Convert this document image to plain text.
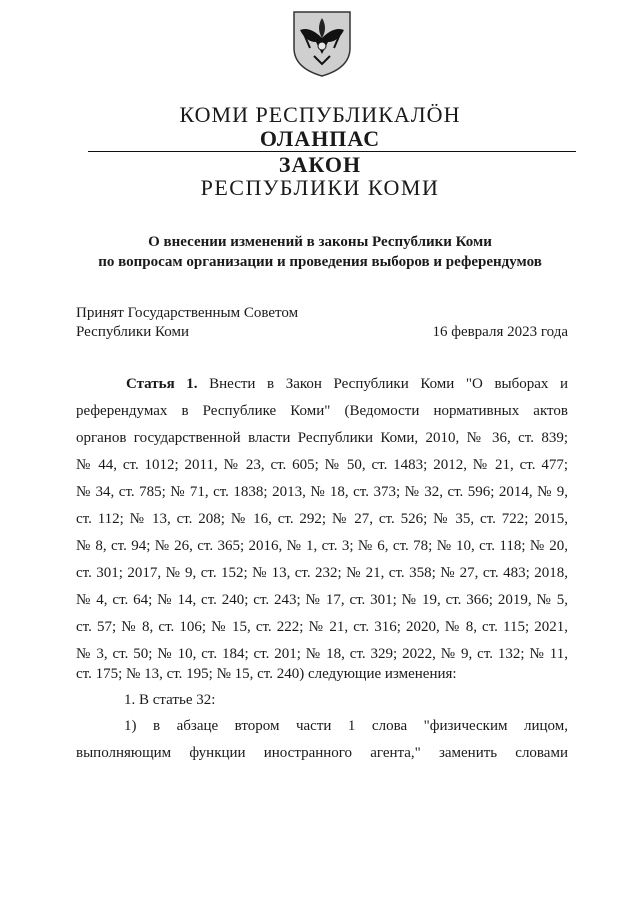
КОМИ РЕСПУБЛИКАЛӦН
ОЛАНПАС
ЗАКОН
РЕСПУБЛИКИ КОМИ
О внесении изменений в законы Республики Коми
по вопросам организации и проведения выборов и референдумов
Принят Государственным Советом
Республики Коми	16 февраля 2023 года
Статья 1. Внести в Закон Республики Коми "О выборах и
референдумах в Республике Коми" (Ведомости нормативных актов
органов государственной власти Республики Коми, 2010, № 36, ст. 839;
№ 44, ст. 1012; 2011, № 23, ст. 605; № 50, ст. 1483; 2012, № 21, ст. 477;
№ 34, ст. 785; № 71, ст. 1838; 2013, № 18, ст. 373; № 32, ст. 596; 2014, № 9,
ст. 112; № 13, ст. 208; № 16, ст. 292; № 27, ст. 526; № 35, ст. 722; 2015,
№ 8, ст. 94; № 26, ст. 365; 2016, № 1, ст. 3; № 6, ст. 78; № 10, ст. 118; № 20,
ст. 301; 2017, № 9, ст. 152; № 13, ст. 232; № 21, ст. 358; № 27, ст. 483; 2018,
№ 4, ст. 64; № 14, ст. 240; ст. 243; № 17, ст. 301; № 19, ст. 366; 2019, № 5,
ст. 57; № 8, ст. 106; № 15, ст. 222; № 21, ст. 316; 2020, № 8, ст. 115; 2021,
№ 3, ст. 50; № 10, ст. 184; ст. 201; № 18, ст. 329; 2022, № 9, ст. 132; № 11,
ст. 175; № 13, ст. 195; № 15, ст. 240) следующие изменения:
1. В статье 32:
1) в абзаце втором части 1 слова "физическим лицом,
выполняющим функции иностранного агента," заменить словами
